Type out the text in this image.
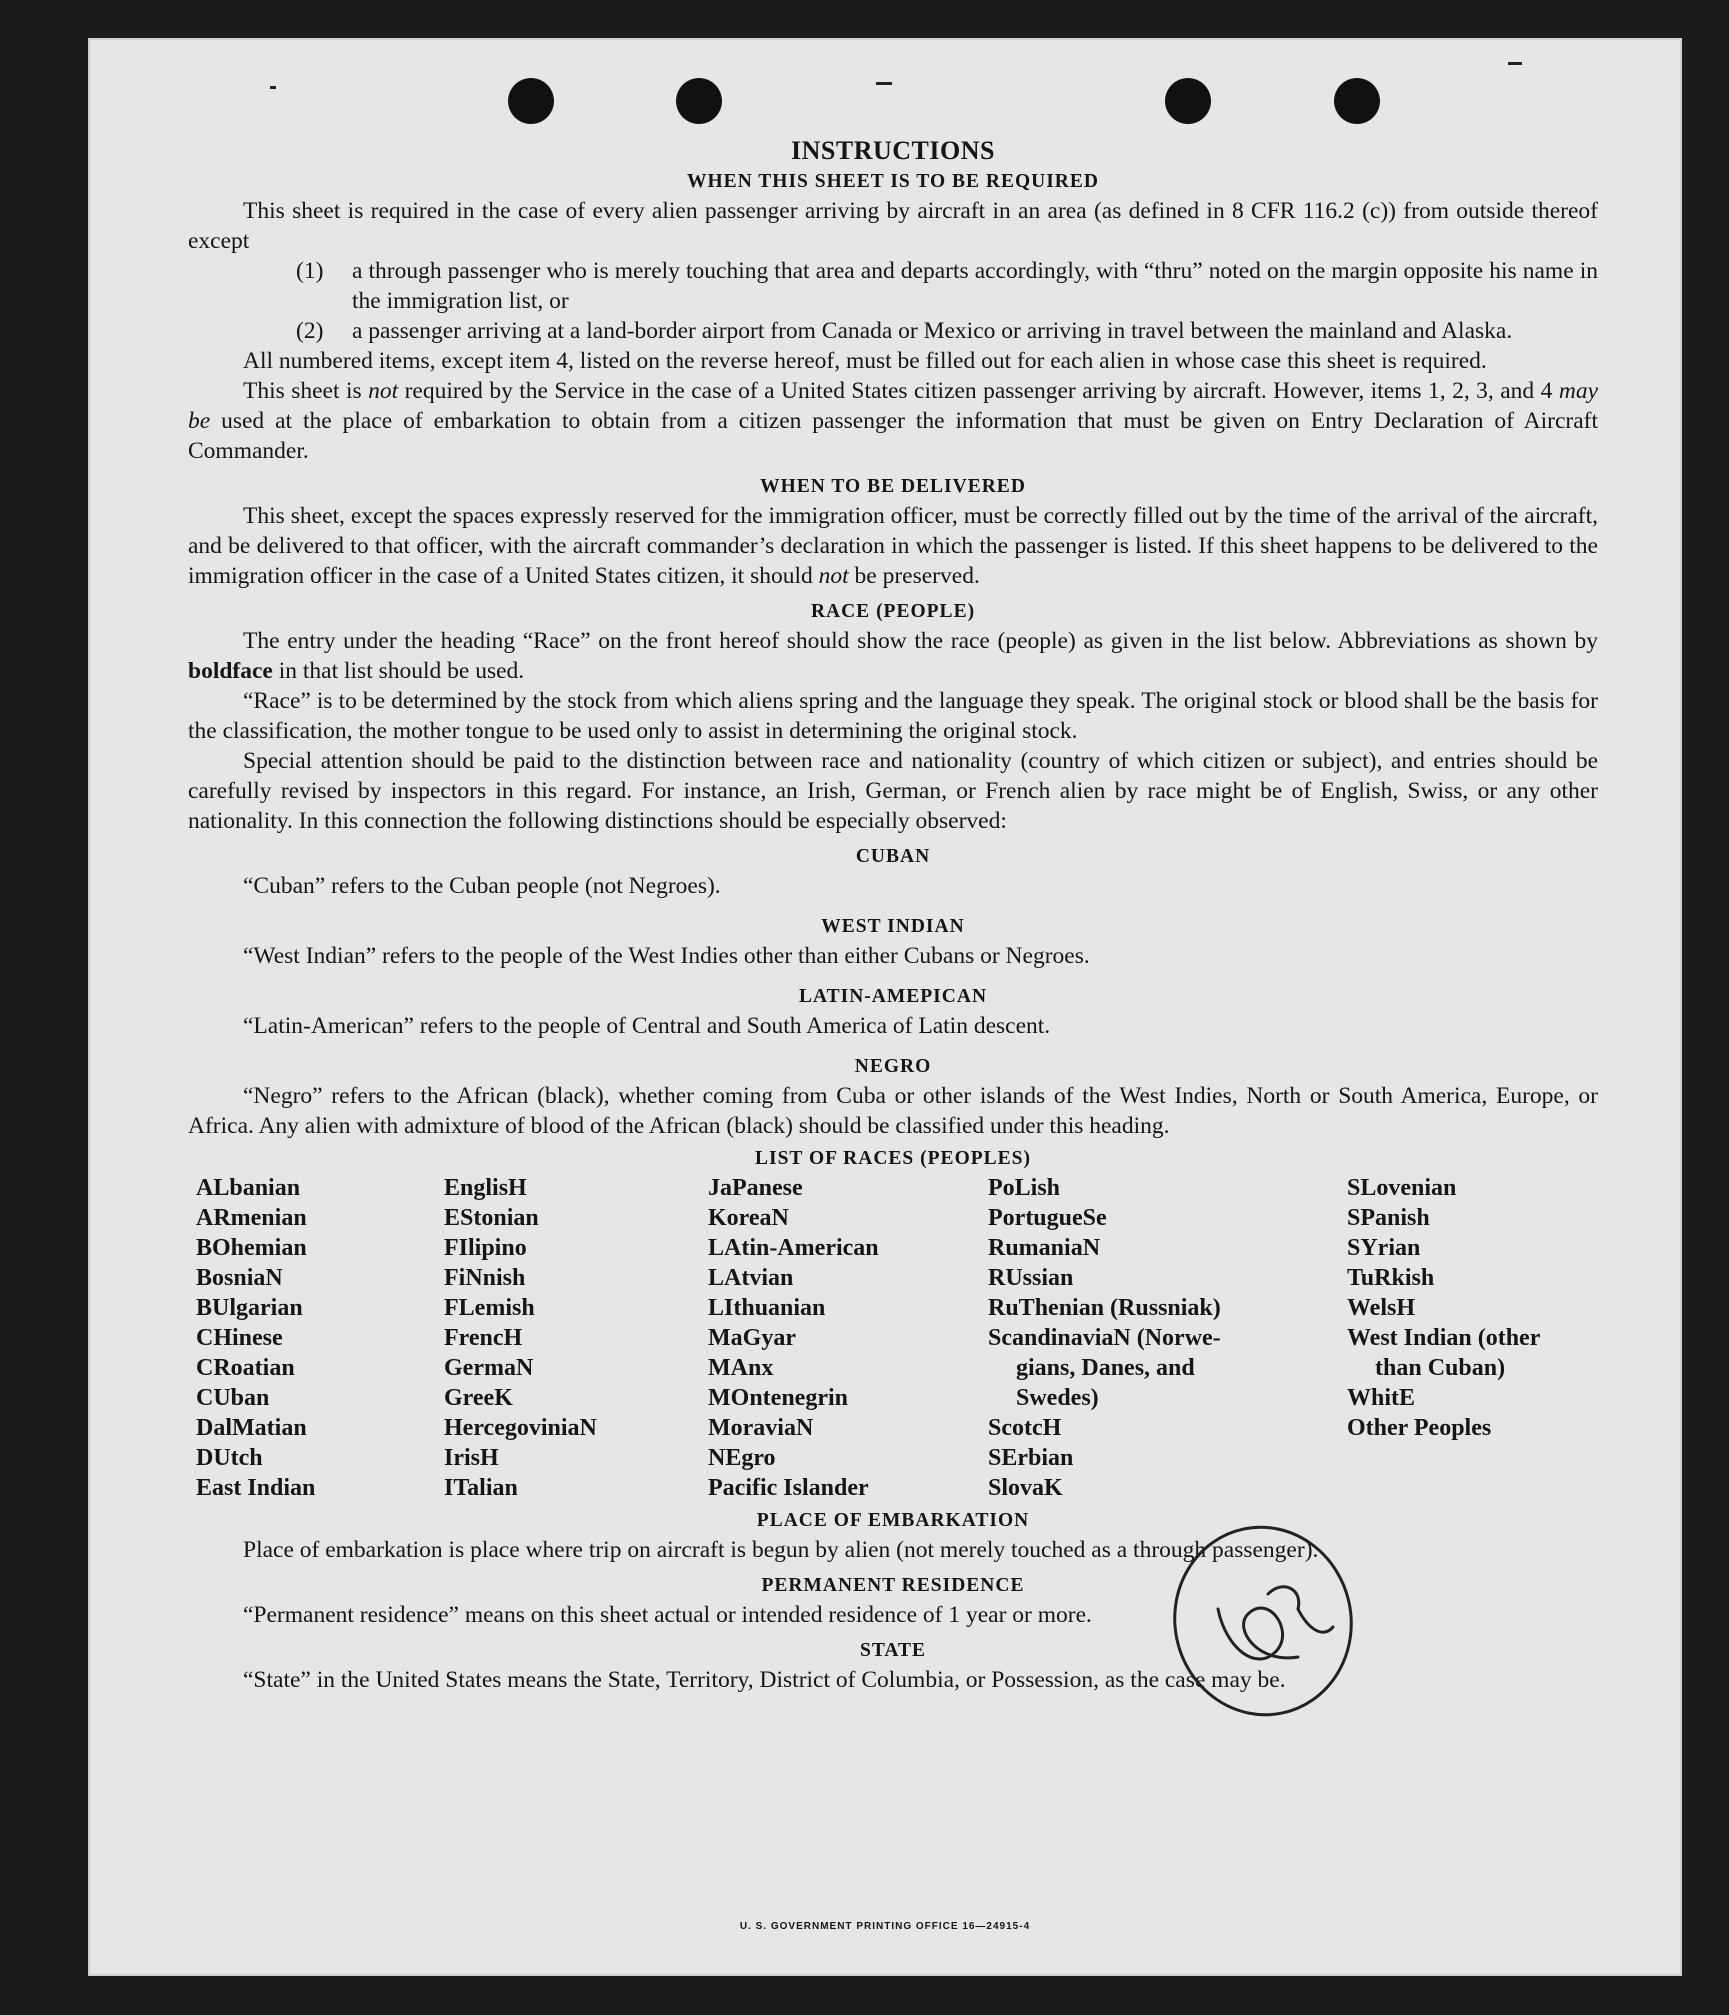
INSTRUCTIONS
WHEN THIS SHEET IS TO BE REQUIRED

This sheet is required in the case of every alien passenger arriving by aircraft in an area (as defined in 8 CFR 116.2 (c)) from outside thereof except

(1)	a through passenger who is merely touching that area and departs accordingly, with “thru” noted on the margin opposite his name in the immigration list, or
(2)	a passenger arriving at a land-border airport from Canada or Mexico or arriving in travel between the mainland and Alaska.

All numbered items, except item 4, listed on the reverse hereof, must be filled out for each alien in whose case this sheet is required.

This sheet is not required by the Service in the case of a United States citizen passenger arriving by aircraft. However, items 1, 2, 3, and 4 may be used at the place of embarkation to obtain from a citizen passenger the information that must be given on Entry Declaration of Aircraft Commander.

WHEN TO BE DELIVERED

This sheet, except the spaces expressly reserved for the immigration officer, must be correctly filled out by the time of the arrival of the aircraft, and be delivered to that officer, with the aircraft commander’s declaration in which the passenger is listed. If this sheet happens to be delivered to the immigration officer in the case of a United States citizen, it should not be preserved.

RACE (PEOPLE)

The entry under the heading “Race” on the front hereof should show the race (people) as given in the list below. Abbreviations as shown by boldface in that list should be used.

“Race” is to be determined by the stock from which aliens spring and the language they speak. The original stock or blood shall be the basis for the classification, the mother tongue to be used only to assist in determining the original stock.

Special attention should be paid to the distinction between race and nationality (country of which citizen or subject), and entries should be carefully revised by inspectors in this regard. For instance, an Irish, German, or French alien by race might be of English, Swiss, or any other nationality. In this connection the following distinctions should be especially observed:

CUBAN

“Cuban” refers to the Cuban people (not Negroes).

WEST INDIAN

“West Indian” refers to the people of the West Indies other than either Cubans or Negroes.

LATIN-AMEPICAN

“Latin-American” refers to the people of Central and South America of Latin descent.

NEGRO

“Negro” refers to the African (black), whether coming from Cuba or other islands of the West Indies, North or South America, Europe, or Africa. Any alien with admixture of blood of the African (black) should be classified under this heading.

LIST OF RACES (PEOPLES)
ALbanian
ARmenian
BOhemian
BosniaN
BUlgarian
CHinese
CRoatian
CUban
DalMatian
DUtch
East Indian
EnglisH
EStonian
FIlipino
FiNnish
FLemish
FrencH
GermaN
GreeK
HercegoviniaN
IrisH
ITalian
JaPanese
KoreaN
LAtin-American
LAtvian
LIthuanian
MaGyar
MAnx
MOntenegrin
MoraviaN
NEgro
Pacific Islander
PoLish
PortugueSe
RumaniaN
RUssian
RuThenian (Russniak)
ScandinaviaN (Norwe-
gians, Danes, and
Swedes)
ScotcH
SErbian
SlovaK
SLovenian
SPanish
SYrian
TuRkish
WelsH
West Indian (other
than Cuban)
WhitE
Other Peoples
PLACE OF EMBARKATION

Place of embarkation is place where trip on aircraft is begun by alien (not merely touched as a through passenger).

PERMANENT RESIDENCE

“Permanent residence” means on this sheet actual or intended residence of 1 year or more.

STATE

“State” in the United States means the State, Territory, District of Columbia, or Possession, as the case may be.

U. S. GOVERNMENT PRINTING OFFICE 16—24915-4
